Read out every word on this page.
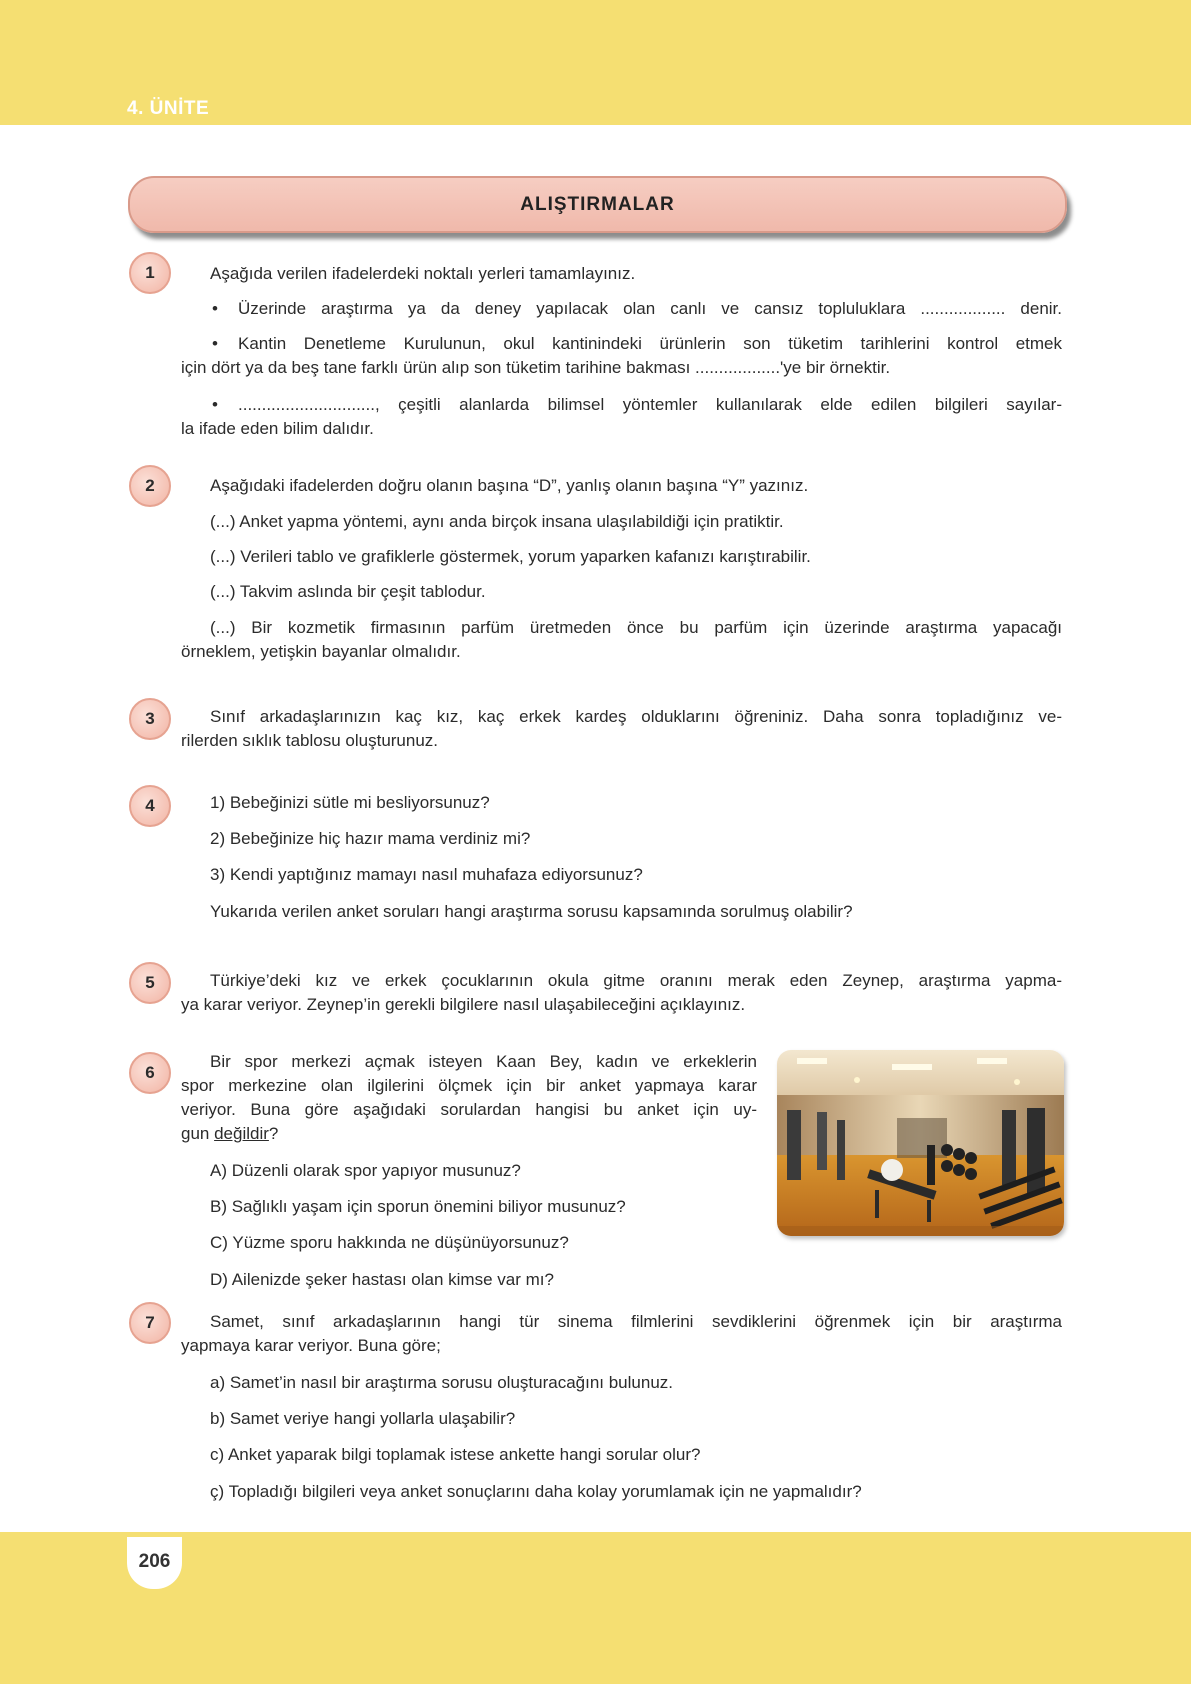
4. ÜNİTE
206
ALIŞTIRMALAR
1	Aşağıda verilen ifadelerdeki noktalı yerleri tamamlayınız.
• Üzerinde araştırma ya da deney yapılacak olan canlı ve cansız topluluklara .................. denir.
• Kantin Denetleme Kurulunun, okul kantinindeki ürünlerin son tüketim tarihlerini kontrol etmek
için dört ya da beş tane farklı ürün alıp son tüketim tarihine bakması ..................'ye bir örnektir.
• ............................., çeşitli alanlarda bilimsel yöntemler kullanılarak elde edilen bilgileri sayılar-
la ifade eden bilim dalıdır.
2	Aşağıdaki ifadelerden doğru olanın başına “D”, yanlış olanın başına “Y” yazınız.
(...) Anket yapma yöntemi, aynı anda birçok insana ulaşılabildiği için pratiktir.
(...) Verileri tablo ve grafiklerle göstermek, yorum yaparken kafanızı karıştırabilir.
(...) Takvim aslında bir çeşit tablodur.
(...) Bir kozmetik firmasının parfüm üretmeden önce bu parfüm için üzerinde araştırma yapacağı
örneklem, yetişkin bayanlar olmalıdır.
3	Sınıf arkadaşlarınızın kaç kız, kaç erkek kardeş olduklarını öğreniniz. Daha sonra topladığınız ve-
rilerden sıklık tablosu oluşturunuz.
4	1) Bebeğinizi sütle mi besliyorsunuz?
2) Bebeğinize hiç hazır mama verdiniz mi?
3) Kendi yaptığınız mamayı nasıl muhafaza ediyorsunuz?
Yukarıda verilen anket soruları hangi araştırma sorusu kapsamında sorulmuş olabilir?
5	Türkiye’deki kız ve erkek çocuklarının okula gitme oranını merak eden Zeynep, araştırma yapma-
ya karar veriyor. Zeynep’in gerekli bilgilere nasıl ulaşabileceğini açıklayınız.
6
Bir spor merkezi açmak isteyen Kaan Bey, kadın ve erkeklerin
spor merkezine olan ilgilerini ölçmek için bir anket yapmaya karar
veriyor. Buna göre aşağıdaki sorulardan hangisi bu anket için uy-
gun değildir?
A) Düzenli olarak spor yapıyor musunuz?
B) Sağlıklı yaşam için sporun önemini biliyor musunuz?
C) Yüzme sporu hakkında ne düşünüyorsunuz?
D) Ailenizde şeker hastası olan kimse var mı?
7	Samet, sınıf arkadaşlarının hangi tür sinema filmlerini sevdiklerini öğrenmek için bir araştırma
yapmaya karar veriyor. Buna göre;
a) Samet’in nasıl bir araştırma sorusu oluşturacağını bulunuz.
b) Samet veriye hangi yollarla ulaşabilir?
c) Anket yaparak bilgi toplamak istese ankette hangi sorular olur?
ç) Topladığı bilgileri veya anket sonuçlarını daha kolay yorumlamak için ne yapmalıdır?
